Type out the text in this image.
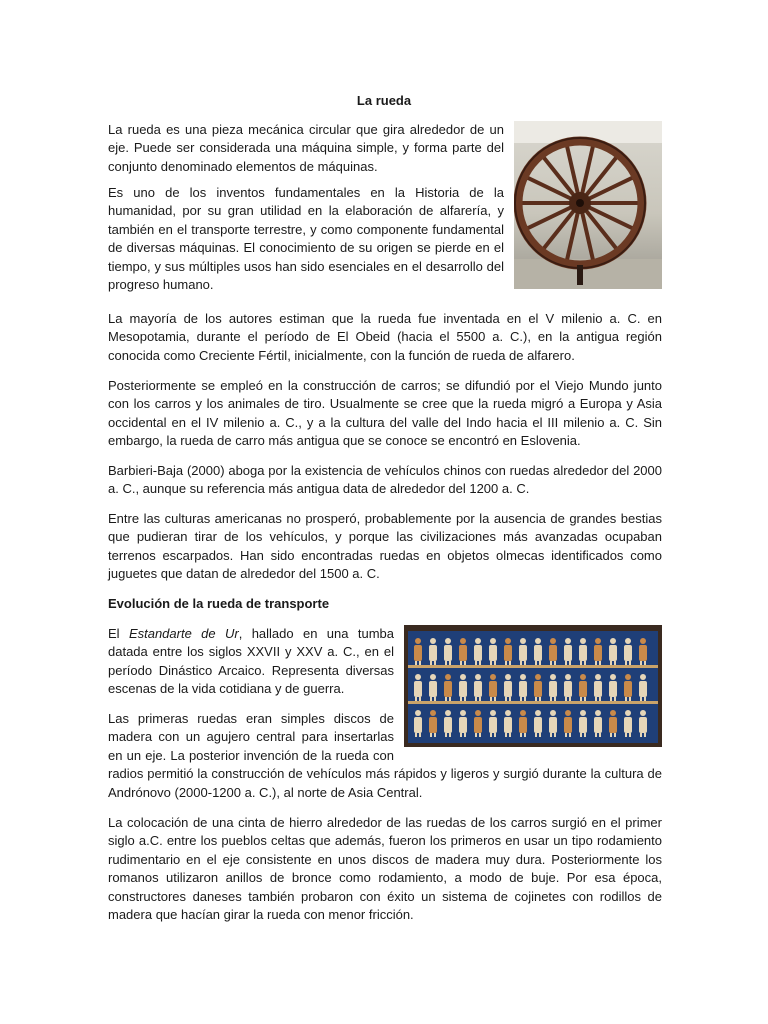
La rueda

La rueda es una pieza mecánica circular que gira alrededor de un eje. Puede ser considerada una máquina simple, y forma parte del conjunto denominado elementos de máquinas.

Es uno de los inventos fundamentales en la Historia de la humanidad, por su gran utilidad en la elaboración de alfarería, y también en el transporte terrestre, y como componente fundamental de diversas máquinas. El conocimiento de su origen se pierde en el tiempo, y sus múltiples usos han sido esenciales en el desarrollo del progreso humano.

La mayoría de los autores estiman que la rueda fue inventada en el V milenio a. C. en Mesopotamia, durante el período de El Obeid (hacia el 5500 a. C.), en la antigua región conocida como Creciente Fértil, inicialmente, con la función de rueda de alfarero.

Posteriormente se empleó en la construcción de carros; se difundió por el Viejo Mundo junto con los carros y los animales de tiro. Usualmente se cree que la rueda migró a Europa y Asia occidental en el IV milenio a. C., y a la cultura del valle del Indo hacia el III milenio a. C. Sin embargo, la rueda de carro más antigua que se conoce se encontró en Eslovenia.

Barbieri-Baja (2000) aboga por la existencia de vehículos chinos con ruedas alrededor del 2000 a. C., aunque su referencia más antigua data de alrededor del 1200 a. C.

Entre las culturas americanas no prosperó, probablemente por la ausencia de grandes bestias que pudieran tirar de los vehículos, y porque las civilizaciones más avanzadas ocupaban terrenos escarpados. Han sido encontradas ruedas en objetos olmecas identificados como juguetes que datan de alrededor del 1500 a. C.

Evolución de la rueda de transporte

El Estandarte de Ur, hallado en una tumba datada entre los siglos XXVII y XXV a. C., en el período Dinástico Arcaico. Representa diversas escenas de la vida cotidiana y de guerra.

Las primeras ruedas eran simples discos de madera con un agujero central para insertarlas en un eje. La posterior invención de la rueda con radios permitió la construcción de vehículos más rápidos y ligeros y surgió durante la cultura de Andrónovo (2000-1200 a. C.), al norte de Asia Central.

La colocación de una cinta de hierro alrededor de las ruedas de los carros surgió en el primer siglo a.C. entre los pueblos celtas que además, fueron los primeros en usar un tipo rodamiento rudimentario en el eje consistente en unos discos de madera muy dura. Posteriormente los romanos utilizaron anillos de bronce como rodamiento, a modo de buje. Por esa época, constructores daneses también probaron con éxito un sistema de cojinetes con rodillos de madera que hacían girar la rueda con menor fricción.
